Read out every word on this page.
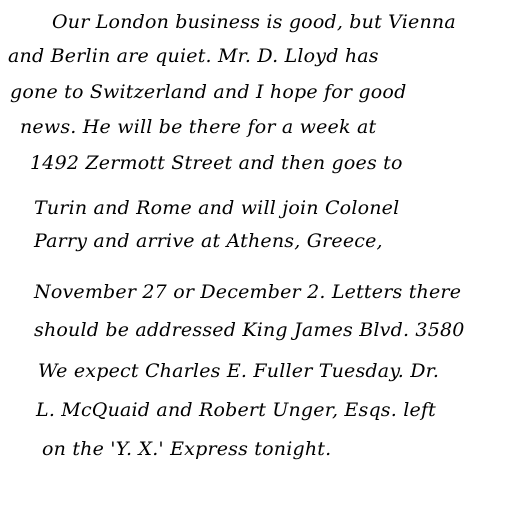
Our London business is good, but Vienna

and Berlin are quiet. Mr. D. Lloyd has

gone to Switzerland and I hope for good

news. He will be there for a week at

1492 Zermott Street and then goes to

Turin and Rome and will join Colonel

Parry and arrive at Athens, Greece,

November 27 or December 2. Letters there

should be addressed King James Blvd. 3580

We expect Charles E. Fuller Tuesday. Dr.

L. McQuaid and Robert Unger, Esqs. left

on the 'Y. X.' Express tonight.
